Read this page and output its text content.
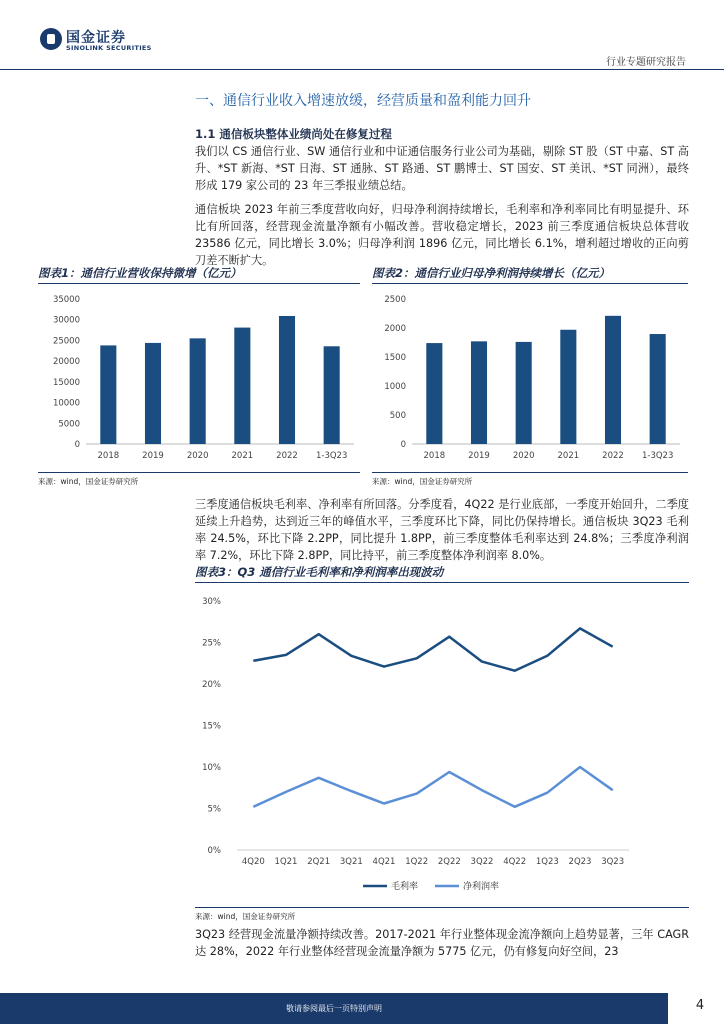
国金证券
SINOLINK SECURITIES
行业专题研究报告
一、通信行业收入增速放缓，经营质量和盈利能力回升
1.1 通信板块整体业绩尚处在修复过程
我们以 CS 通信行业、SW 通信行业和中证通信服务行业公司为基础，剔除 ST 股（ST 中嘉、ST 高升、*ST 新海、*ST 日海、ST 通脉、ST 路通、ST 鹏博士、ST 国安、ST 美讯、*ST 同洲），最终形成 179 家公司的 23 年三季报业绩总结。
通信板块 2023 年前三季度营收向好，归母净利润持续增长，毛利率和净利率同比有明显提升、环比有所回落，经营现金流量净额有小幅改善。营收稳定增长，2023 前三季度通信板块总体营收 23586 亿元，同比增长 3.0%；归母净利润 1896 亿元，同比增长 6.1%，增利超过增收的正向剪刀差不断扩大。
图表1：通信行业营收保持微增（亿元）
0
5000
10000
15000
20000
25000
30000
35000
2018	2019	2020	2021	2022 1-3Q23
来源：wind，国金证券研究所
图表2：通信行业归母净利润持续增长（亿元）
0
500
1000
1500
2000
2500
2018	2019	2020	2021	2022 1-3Q23
来源：wind，国金证券研究所
三季度通信板块毛利率、净利率有所回落。分季度看，4Q22 是行业底部，一季度开始回升，二季度延续上升趋势，达到近三年的峰值水平，三季度环比下降，同比仍保持增长。通信板块 3Q23 毛利率 24.5%，环比下降 2.2PP，同比提升 1.8PP，前三季度整体毛利率达到 24.8%；三季度净利润率 7.2%，环比下降 2.8PP，同比持平，前三季度整体净利润率 8.0%。
图表3：Q3 通信行业毛利率和净利润率出现波动
0%
5%
10%
15%
20%
25%
30%
4Q20 1Q21 2Q21 3Q21 4Q21 1Q22 2Q22 3Q22 4Q22 1Q23 2Q23 3Q23
毛利率	净利润率
来源：wind，国金证券研究所
3Q23 经营现金流量净额持续改善。2017-2021 年行业整体现金流净额向上趋势显著，三年 CAGR 达 28%，2022 年行业整体经营现金流量净额为 5775 亿元，仍有修复向好空间，23
敬请参阅最后一页特别声明	4
